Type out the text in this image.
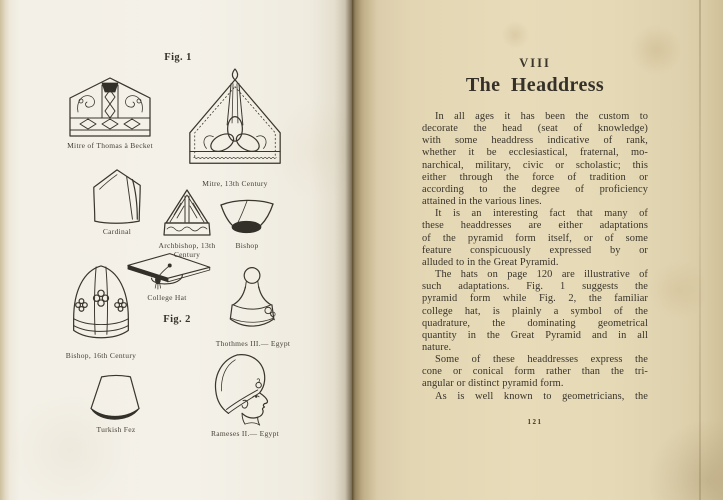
Fig. 1
Mitre of Thomas à Becket
Mitre, 13th Century
Cardinal
Archbishop, 13th Century
Bishop
College Hat
Fig. 2
Bishop, 16th Century
Thothmes III.— Egypt
Turkish Fez	Rameses II.— Egypt
VIII
The Headdress

In all ages it has been the custom to
decorate the head (seat of knowledge)
with some headdress indicative of rank,
whether it be ecclesiastical, fraternal, mo-
narchical, military, civic or scholastic; this
either through the force of tradition or
according to the degree of proficiency
attained in the various lines.

It is an interesting fact that many of
these headdresses are either adaptations
of the pyramid form itself, or of some
feature conspicuously expressed by or
alluded to in the Great Pyramid.

The hats on page 120 are illustrative of
such adaptations. Fig. 1 suggests the
pyramid form while Fig. 2, the familiar
college hat, is plainly a symbol of the
quadrature, the dominating geometrical
quantity in the Great Pyramid and in all
nature.

Some of these headdresses express the
cone or conical form rather than the tri-
angular or distinct pyramid form.

As is well known to geometricians, the

121
